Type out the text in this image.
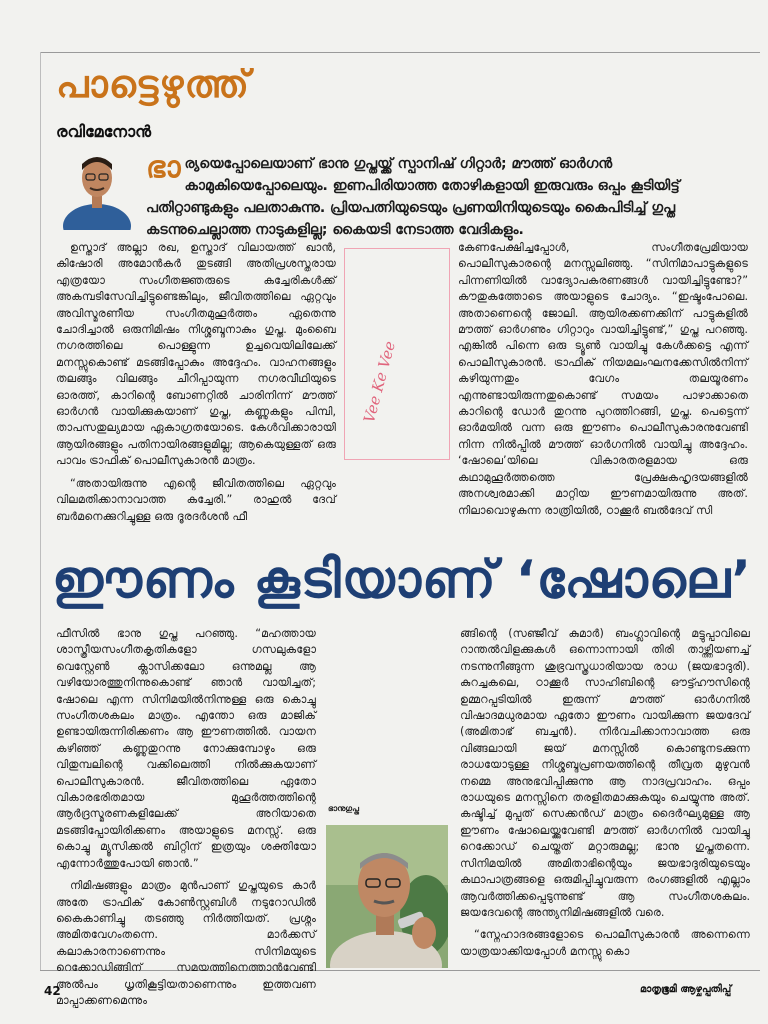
പാട്ടെഴുത്ത്
രവിമേനോൻ
ഭാ ര്യയെപ്പോലെയാണ് ഭാനു ഗുപ്തയ്ക്ക് സ്പാനിഷ് ഗിറ്റാർ; മൗത്ത് ഓർഗൻ കാമുകിയെപ്പോലെയും. ഇണപിരിയാത്ത തോഴികളായി ഇരുവരും ഒപ്പം കൂടിയിട്ട് പതിറ്റാണ്ടുകളും പലതാകുന്നു. പ്രിയപത്നിയുടെയും പ്രണയിനിയുടെയും കൈപിടിച്ച് ഗുപ്ത കടന്നുചെല്ലാത്ത നാടുകളില്ല; കൈയടി നേടാത്ത വേദികളും.

ഉസ്താദ് അല്ലാ രഖ, ഉസ്താദ് വിലായത്ത് ഖാൻ, കിഷോരി അമോൻകർ തുടങ്ങി അതിപ്രശസ്തരായ എത്രയോ സംഗീതജ്ഞരുടെ കച്ചേരികൾക്ക് അകമ്പടിസേവിച്ചിട്ടുണ്ടെങ്കിലും, ജീവിതത്തിലെ ഏറ്റവും അവിസ്മരണീയ സംഗീതമുഹൂർത്തം ഏതെന്നു ചോദിച്ചാൽ ഒരുനിമിഷം നിശ്ശബ്ദനാകും ഗുപ്ത. മുംബൈ നഗരത്തിലെ പൊള്ളുന്ന ഉച്ചവെയിലിലേക്ക് മനസ്സുകൊണ്ട് മടങ്ങിപ്പോകും അദ്ദേഹം. വാഹനങ്ങളും തലങ്ങും വിലങ്ങും ചീറിപ്പായുന്ന നഗരവീഥിയുടെ ഓരത്ത്, കാറിന്റെ ബോണറ്റിൽ ചാരിനിന്ന് മൗത്ത് ഓർഗൻ വായിക്കുകയാണ് ഗുപ്ത, കണ്ണുകളും പിമ്പി, താപസതുല്യമായ ഏകാഗ്രതയോടെ. കേൾവിക്കാരായി ആയിരങ്ങളും പതിനായിരങ്ങളുമില്ല; ആകെയുള്ളത് ഒരു പാവം ട്രാഫിക് പൊലീസുകാരൻ മാത്രം.

“അതായിരുന്നു എന്റെ ജീവിതത്തിലെ ഏറ്റവും വിലമതിക്കാനാവാത്ത കച്ചേരി.” രാഹുൽ ദേവ് ബർമനെക്കുറിച്ചുള്ള ഒരു ദൂരദർശൻ ഫീ

Vee Ke Vee

കേണപേക്ഷിച്ചപ്പോൾ, സംഗീതപ്രേമിയായ പൊലീസുകാരന്റെ മനസ്സലിഞ്ഞു. “സിനിമാപാട്ടുകളുടെ പിന്നണിയിൽ വാദ്യോപകരണങ്ങൾ വായിച്ചിട്ടുണ്ടോ?” കൗതുകത്തോടെ അയാളുടെ ചോദ്യം. “ഇഷ്ടംപോലെ. അതാണെന്റെ ജോലി. ആയിരക്കണക്കിന് പാട്ടുകളിൽ മൗത്ത് ഓർഗണും ഗിറ്റാറും വായിച്ചിട്ടുണ്ട്,” ഗുപ്ത പറഞ്ഞു. എങ്കിൽ പിന്നെ ഒരു ട്യൂൺ വായിച്ചു കേൾക്കട്ടെ എന്ന് പൊലീസുകാരൻ. ട്രാഫിക് നിയമലംഘനക്കേസിൽനിന്ന് കഴിയുന്നതും വേഗം തലയൂരണം എന്നുണ്ടായിരുന്നതുകൊണ്ട് സമയം പാഴാക്കാതെ കാറിന്റെ ഡോർ തുറന്നു പുറത്തിറങ്ങി, ഗുപ്ത. പെട്ടെന്ന് ഓർമയിൽ വന്ന ഒരു ഈണം പൊലീസുകാരനുവേണ്ടി നിന്ന നിൽപ്പിൽ മൗത്ത് ഓർഗനിൽ വായിച്ചു അദ്ദേഹം. ‘ഷോലെ’യിലെ വികാരതരളമായ ഒരു കഥാമുഹൂർത്തത്തെ പ്രേക്ഷകഹൃദയങ്ങളിൽ അനശ്വരമാക്കി മാറ്റിയ ഈണമായിരുന്നു അത്. നിലാവൊഴുകുന്ന രാത്രിയിൽ, ഠാക്കൂർ ബൽദേവ് സി

ഈണം കൂടിയാണ് ‘ഷോലെ’

ഫീസിൽ ഭാനു ഗുപ്ത പറഞ്ഞു. “മഹത്തായ ശാസ്ത്രീയസംഗീതകൃതികളോ ഗസലുകളോ വെസ്റ്റേൺ ക്ലാസിക്കലോ ഒന്നുമല്ല ആ വഴിയോരത്തുനിന്നുകൊണ്ട് ഞാൻ വായിച്ചത്; ഷോലെ എന്ന സിനിമയിൽനിന്നുള്ള ഒരു കൊച്ചു സംഗീതശകലം മാത്രം. എന്തോ ഒരു മാജിക് ഉണ്ടായിരുന്നിരിക്കണം ആ ഈണത്തിൽ. വായന കഴിഞ്ഞ് കണ്ണുതുറന്നു നോക്കുമ്പോഴും ഒരു വിതുമ്പലിന്റെ വക്കിലെത്തി നിൽക്കുകയാണ് പൊലീസുകാരൻ. ജീവിതത്തിലെ ഏതോ വികാരഭരിതമായ മുഹൂർത്തത്തിന്റെ ആർദ്രസ്മരണകളിലേക്ക് അറിയാതെ മടങ്ങിപ്പോയിരിക്കണം അയാളുടെ മനസ്സ്. ഒരു കൊച്ചു മ്യൂസിക്കൽ ബിറ്റിന് ഇത്രയും ശക്തിയോ എന്നോർത്തുപോയി ഞാൻ.”

നിമിഷങ്ങളും മാത്രം മുൻപാണ് ഗുപ്തയുടെ കാർ അതേ ട്രാഫിക് കോൺസ്റ്റബിൾ നടുറോഡിൽ കൈകാണിച്ചു തടഞ്ഞു നിർത്തിയത്. പ്രശ്നം അമിതവേഗംതന്നെ. മാർക്കസ് കലാകാരനാണെന്നും സിനിമയുടെ റെക്കോഡിങ്ങിന് സമയത്തിനെത്താൻവേണ്ടി അൽപം ധൃതികൂട്ടിയതാണെന്നും ഇത്തവണ മാപ്പാക്കണമെന്നും

ഭാനുഗുപ്ത

ങ്ങിന്റെ (സഞ്ജീവ് കുമാർ) ബംഗ്ലാവിന്റെ മട്ടുപ്പാവിലെ റാന്തൽവിളക്കുകൾ ഒന്നൊന്നായി തിരി താഴ്ത്തിയണച്ച് നടന്നുനീങ്ങുന്ന ശുഭ്രവസ്ത്രധാരിയായ രാധ (ജയഭാദുരി). കുറച്ചകലെ, ഠാക്കൂർ സാഹിബിന്റെ ഔട്ട്ഹൗസിന്റെ ഉമ്മറപ്പടിയിൽ ഇരുന്ന് മൗത്ത് ഓർഗനിൽ വിഷാദമധുരമായ ഏതോ ഈണം വായിക്കുന്ന ജയദേവ് (അമിതാഭ് ബച്ചൻ). നിർവചിക്കാനാവാത്ത ഒരു വിങ്ങലായി ജയ് മനസ്സിൽ കൊണ്ടുനടക്കുന്ന രാധയോടുള്ള നിശ്ശബ്ദപ്രണയത്തിന്റെ തീവ്രത മുഴുവൻ നമ്മെ അനുഭവിപ്പിക്കുന്നു ആ നാദപ്രവാഹം. ഒപ്പം രാധയുടെ മനസ്സിനെ തരളിതമാക്കുകയും ചെയ്യുന്നു അത്. കഷ്ടിച്ച് മുപ്പത് സെക്കൻഡ് മാത്രം ദൈർഘ്യമുള്ള ആ ഈണം ഷോലെയ്ക്കുവേണ്ടി മൗത്ത് ഓർഗനിൽ വായിച്ചു റെക്കോഡ് ചെയ്തത് മറ്റാരുമല്ല; ഭാനു ഗുപ്തതന്നെ. സിനിമയിൽ അമിതാഭിന്റെയും ജയഭാദുരിയുടെയും കഥാപാത്രങ്ങളെ ഒരുമിപ്പിച്ചുവരുന്ന രംഗങ്ങളിൽ എല്ലാം ആവർത്തിക്കപ്പെടുന്നുണ്ട് ആ സംഗീതശകലം. ജയദേവന്റെ അന്ത്യനിമിഷങ്ങളിൽ വരെ.

“സ്നേഹാദരങ്ങളോടെ പൊലീസുകാരൻ അന്നെന്നെ യാത്രയാക്കിയപ്പോൾ മനസ്സു കൊ

42	മാതൃഭൂമി ആഴ്ചപ്പതിപ്പ്
